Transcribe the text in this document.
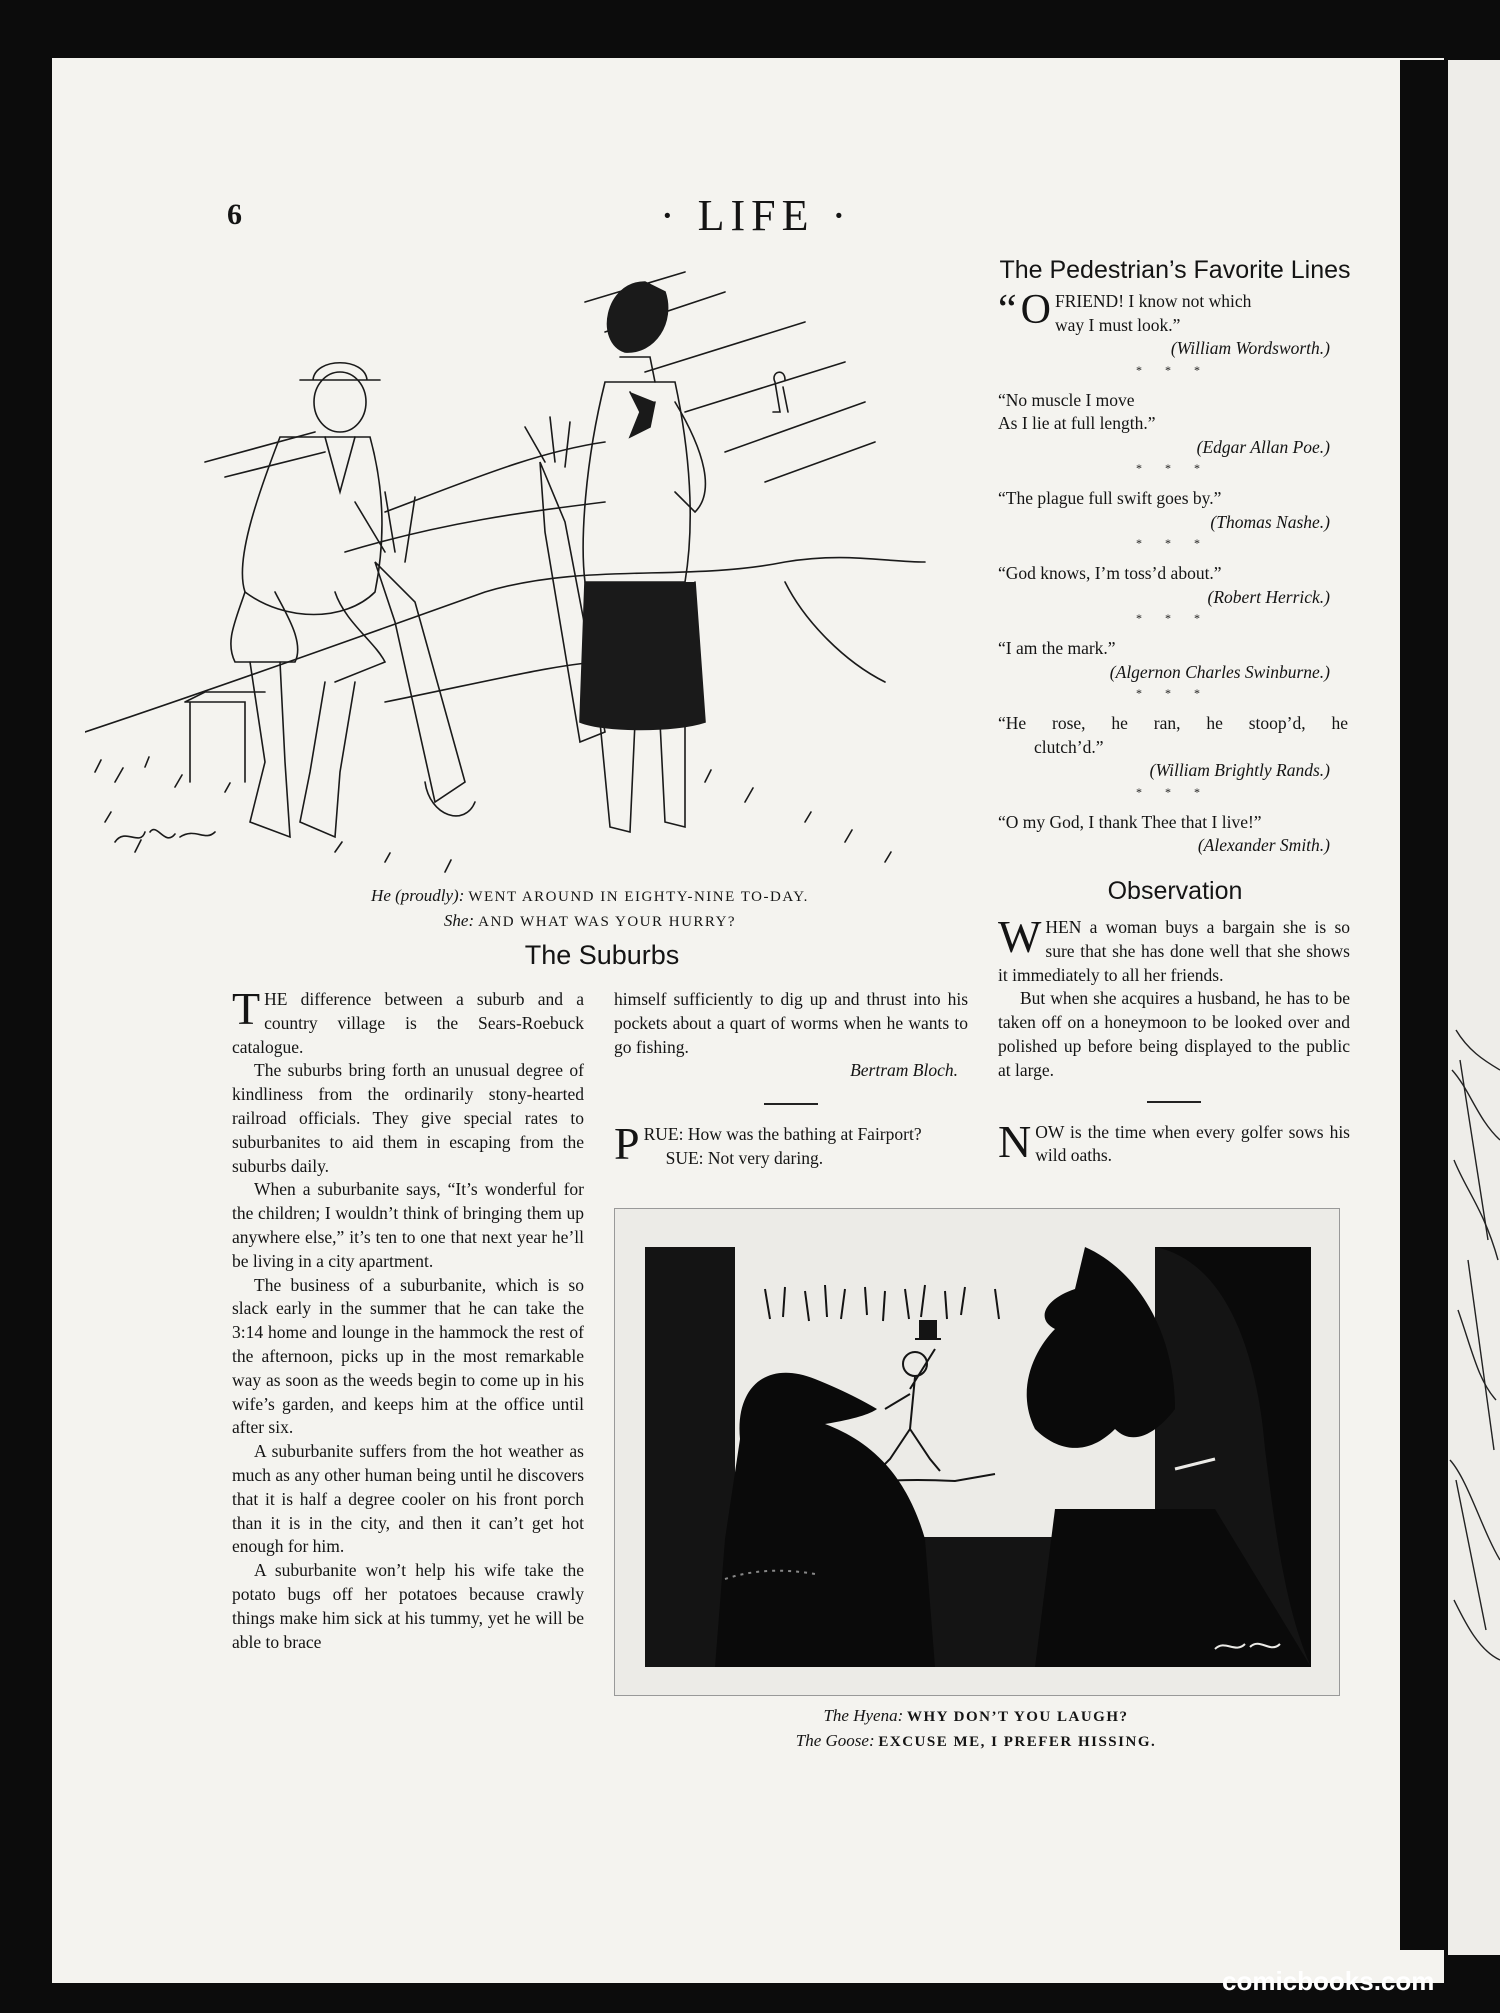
6	· LIFE ·
He (proudly): WENT AROUND IN EIGHTY-NINE TO-DAY.
She: AND WHAT WAS YOUR HURRY?
The Suburbs

THE difference between a suburb and a country village is the Sears-Roebuck catalogue.

The suburbs bring forth an unusual degree of kindliness from the ordinarily stony-hearted railroad officials. They give special rates to suburbanites to aid them in escaping from the suburbs daily.

When a suburbanite says, “It’s wonderful for the children; I wouldn’t think of bringing them up anywhere else,” it’s ten to one that next year he’ll be living in a city apartment.

The business of a suburbanite, which is so slack early in the summer that he can take the 3:14 home and lounge in the hammock the rest of the afternoon, picks up in the most remarkable way as soon as the weeds begin to come up in his wife’s garden, and keeps him at the office until after six.

A suburbanite suffers from the hot weather as much as any other human being until he discovers that it is half a degree cooler on his front porch than it is in the city, and then it can’t get hot enough for him.

A suburbanite won’t help his wife take the potato bugs off her potatoes because crawly things make him sick at his tummy, yet he will be able to brace

himself sufficiently to dig up and thrust into his pockets about a quart of worms when he wants to go fishing.

Bertram Bloch.

PRUE: How was the bathing at Fairport?

SUE: Not very daring.

The Pedestrian’s Favorite Lines
“ O FRIEND! I know not which
way I must look.”
(William Wordsworth.)
* * *
“No muscle I move
As I lie at full length.”
(Edgar Allan Poe.)
* * *
“The plague full swift goes by.”
(Thomas Nashe.)
* * *
“God knows, I’m toss’d about.”
(Robert Herrick.)
* * *
“I am the mark.”
(Algernon Charles Swinburne.)
* * *
“He rose, he ran, he stoop’d, he
clutch’d.”
(William Brightly Rands.)
* * *
“O my God, I thank Thee that I live!”
(Alexander Smith.)
Observation

WHEN a woman buys a bargain she is so sure that she has done well that she shows it immediately to all her friends.

But when she acquires a husband, he has to be taken off on a honeymoon to be looked over and polished up before being displayed to the public at large.

NOW is the time when every golfer sows his wild oaths.

The Hyena: WHY DON’T YOU LAUGH?
The Goose: EXCUSE ME, I PREFER HISSING.
comicbooks.com
